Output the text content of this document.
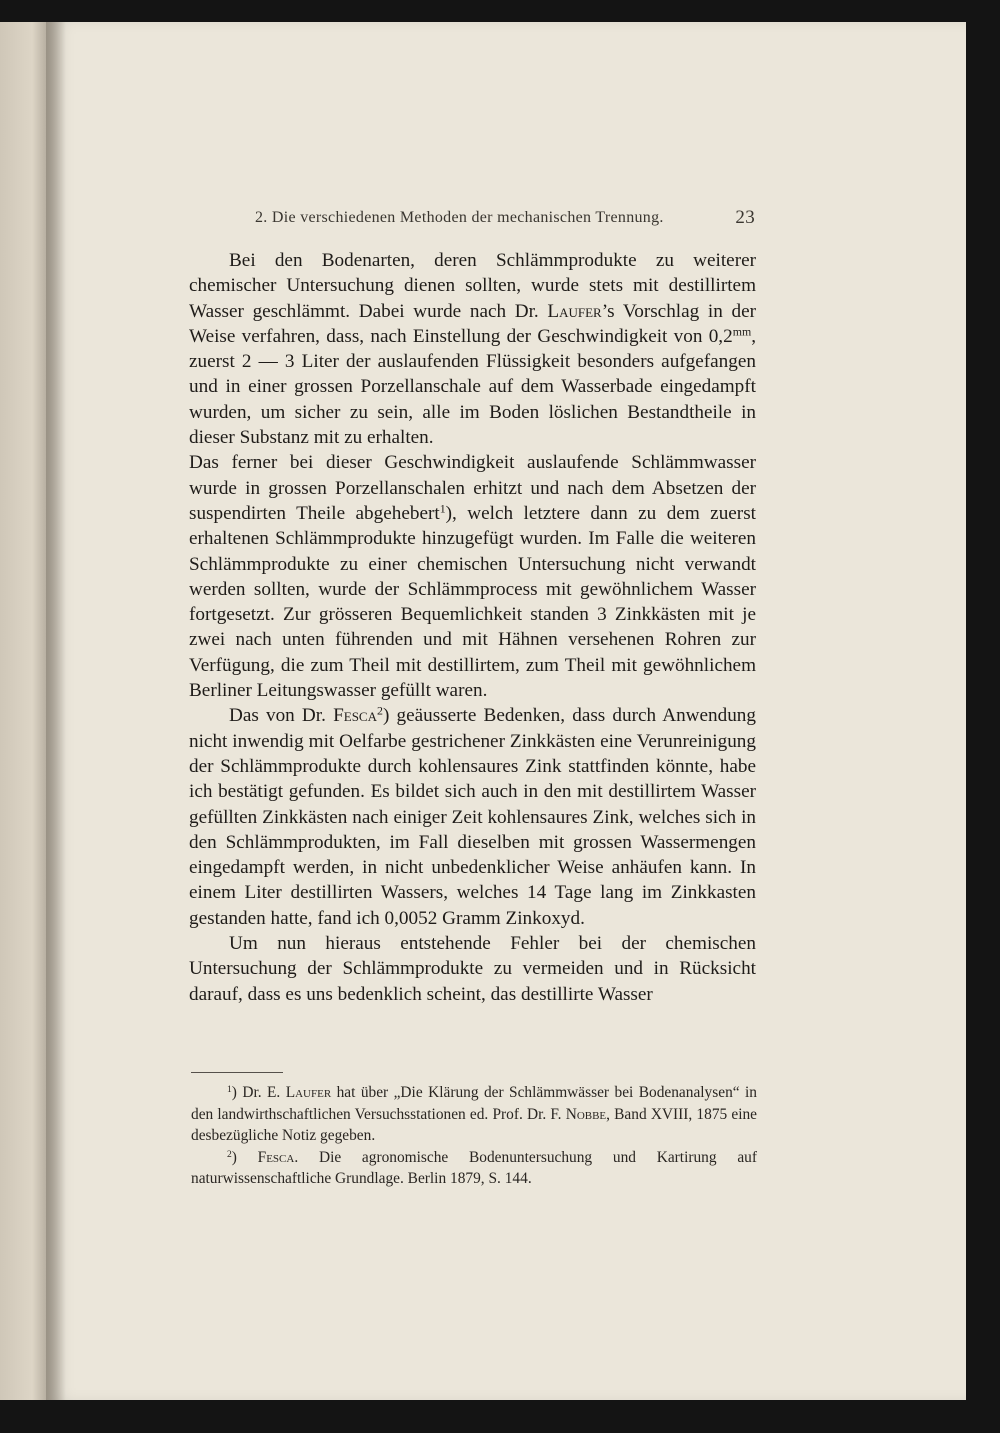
2. Die verschiedenen Methoden der mechanischen Trennung.	23

Bei den Bodenarten, deren Schlämmprodukte zu weiterer chemischer Untersuchung dienen sollten, wurde stets mit destillirtem Wasser geschlämmt. Dabei wurde nach Dr. Laufer’s Vorschlag in der Weise verfahren, dass, nach Einstellung der Geschwindigkeit von $0,2^{mm}$, zuerst 2 — 3 Liter der auslaufenden Flüssigkeit besonders aufgefangen und in einer grossen Porzellanschale auf dem Wasserbade eingedampft wurden, um sicher zu sein, alle im Boden löslichen Bestandtheile in dieser Substanz mit zu erhalten.

Das ferner bei dieser Geschwindigkeit auslaufende Schlämmwasser wurde in grossen Porzellanschalen erhitzt und nach dem Absetzen der suspendirten Theile abgehebert$^1$), welch letztere dann zu dem zuerst erhaltenen Schlämmprodukte hinzugefügt wurden. Im Falle die weiteren Schlämmprodukte zu einer chemischen Untersuchung nicht verwandt werden sollten, wurde der Schlämmprocess mit gewöhnlichem Wasser fortgesetzt. Zur grösseren Bequemlichkeit standen 3 Zinkkästen mit je zwei nach unten führenden und mit Hähnen versehenen Rohren zur Verfügung, die zum Theil mit destillirtem, zum Theil mit gewöhnlichem Berliner Leitungswasser gefüllt waren.

Das von Dr. Fesca$^2$) geäusserte Bedenken, dass durch Anwendung nicht inwendig mit Oelfarbe gestrichener Zinkkästen eine Verunreinigung der Schlämmprodukte durch kohlensaures Zink stattfinden könnte, habe ich bestätigt gefunden. Es bildet sich auch in den mit destillirtem Wasser gefüllten Zinkkästen nach einiger Zeit kohlensaures Zink, welches sich in den Schlämmprodukten, im Fall dieselben mit grossen Wassermengen eingedampft werden, in nicht unbedenklicher Weise anhäufen kann. In einem Liter destillirten Wassers, welches 14 Tage lang im Zinkkasten gestanden hatte, fand ich 0,0052 Gramm Zinkoxyd.

Um nun hieraus entstehende Fehler bei der chemischen Untersuchung der Schlämmprodukte zu vermeiden und in Rücksicht darauf, dass es uns bedenklich scheint, das destillirte Wasser

$^1$) Dr. E. Laufer hat über „Die Klärung der Schlämmwässer bei Bodenanalysen“ in den landwirthschaftlichen Versuchsstationen ed. Prof. Dr. F. Nobbe, Band XVIII, 1875 eine desbezügliche Notiz gegeben.

$^2$) Fesca. Die agronomische Bodenuntersuchung und Kartirung auf naturwissenschaftliche Grundlage. Berlin 1879, S. 144.
